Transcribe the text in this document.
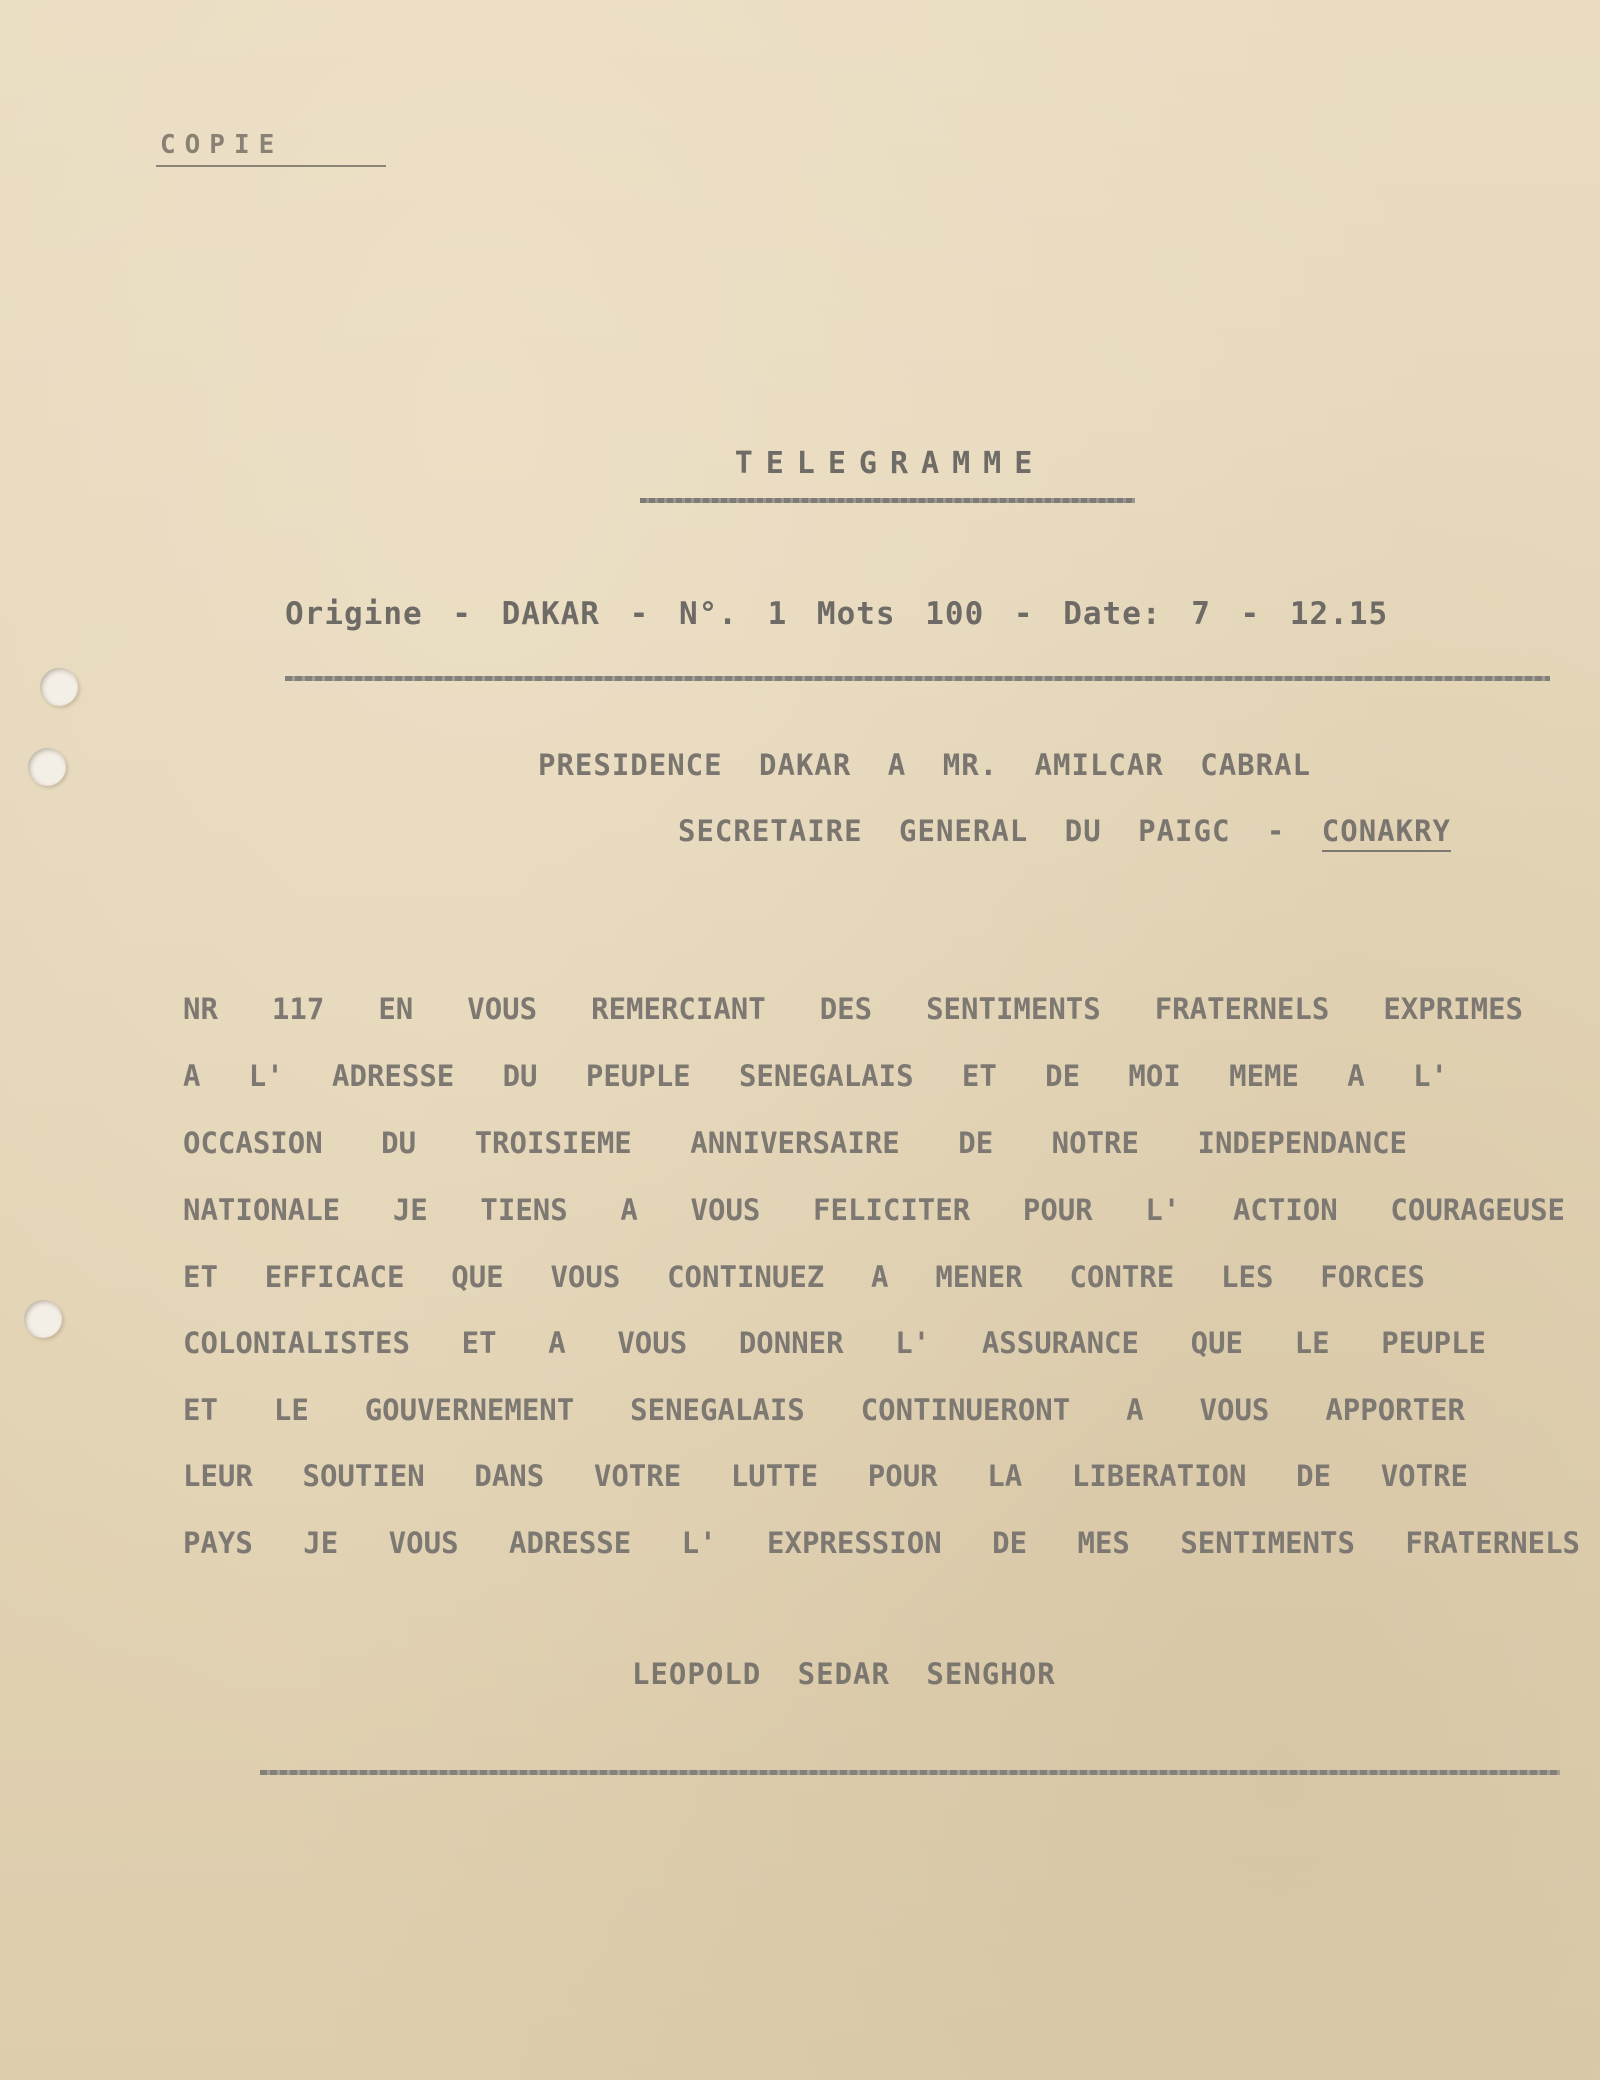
COPIE

TELEGRAMME

Origine - DAKAR - N°. 1 Mots 100 - Date: 7 - 12.15

PRESIDENCE DAKAR A MR. AMILCAR CABRAL

SECRETAIRE GENERAL DU PAIGC - CONAKRY

NR 117 EN VOUS REMERCIANT DES SENTIMENTS FRATERNELS EXPRIMES

A L' ADRESSE DU PEUPLE SENEGALAIS ET DE MOI MEME A L'

OCCASION DU TROISIEME ANNIVERSAIRE DE NOTRE INDEPENDANCE

NATIONALE JE TIENS A VOUS FELICITER POUR L' ACTION COURAGEUSE

ET EFFICACE QUE VOUS CONTINUEZ A MENER CONTRE LES FORCES

COLONIALISTES ET A VOUS DONNER L' ASSURANCE QUE LE PEUPLE

ET LE GOUVERNEMENT SENEGALAIS CONTINUERONT A VOUS APPORTER

LEUR SOUTIEN DANS VOTRE LUTTE POUR LA LIBERATION DE VOTRE

PAYS JE VOUS ADRESSE L' EXPRESSION DE MES SENTIMENTS FRATERNELS

LEOPOLD SEDAR SENGHOR
